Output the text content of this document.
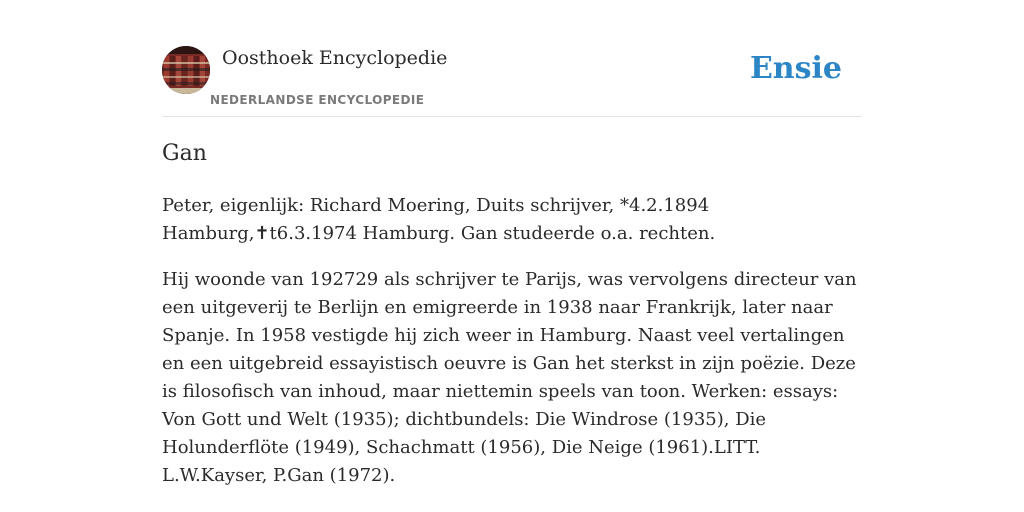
Oosthoek Encyclopedie
NEDERLANDSE ENCYCLOPEDIE
Ensie
Gan

Peter, eigenlijk: Richard Moering, Duits schrijver, *4.2.1894 Hamburg,✝t6.3.1974 Hamburg. Gan studeerde o.a. rechten.

Hij woonde van 192729 als schrijver te Parijs, was vervolgens directeur van een uitgeverij te Berlijn en emigreerde in 1938 naar Frankrijk, later naar Spanje. In 1958 vestigde hij zich weer in Hamburg. Naast veel vertalingen en een uitgebreid essayistisch oeuvre is Gan het sterkst in zijn poëzie. Deze is filosofisch van inhoud, maar niettemin speels van toon. Werken: essays: Von Gott und Welt (1935); dichtbundels: Die Windrose (1935), Die Holunderflöte (1949), Schachmatt (1956), Die Neige (1961).LITT. L.W.Kayser, P.Gan (1972).
